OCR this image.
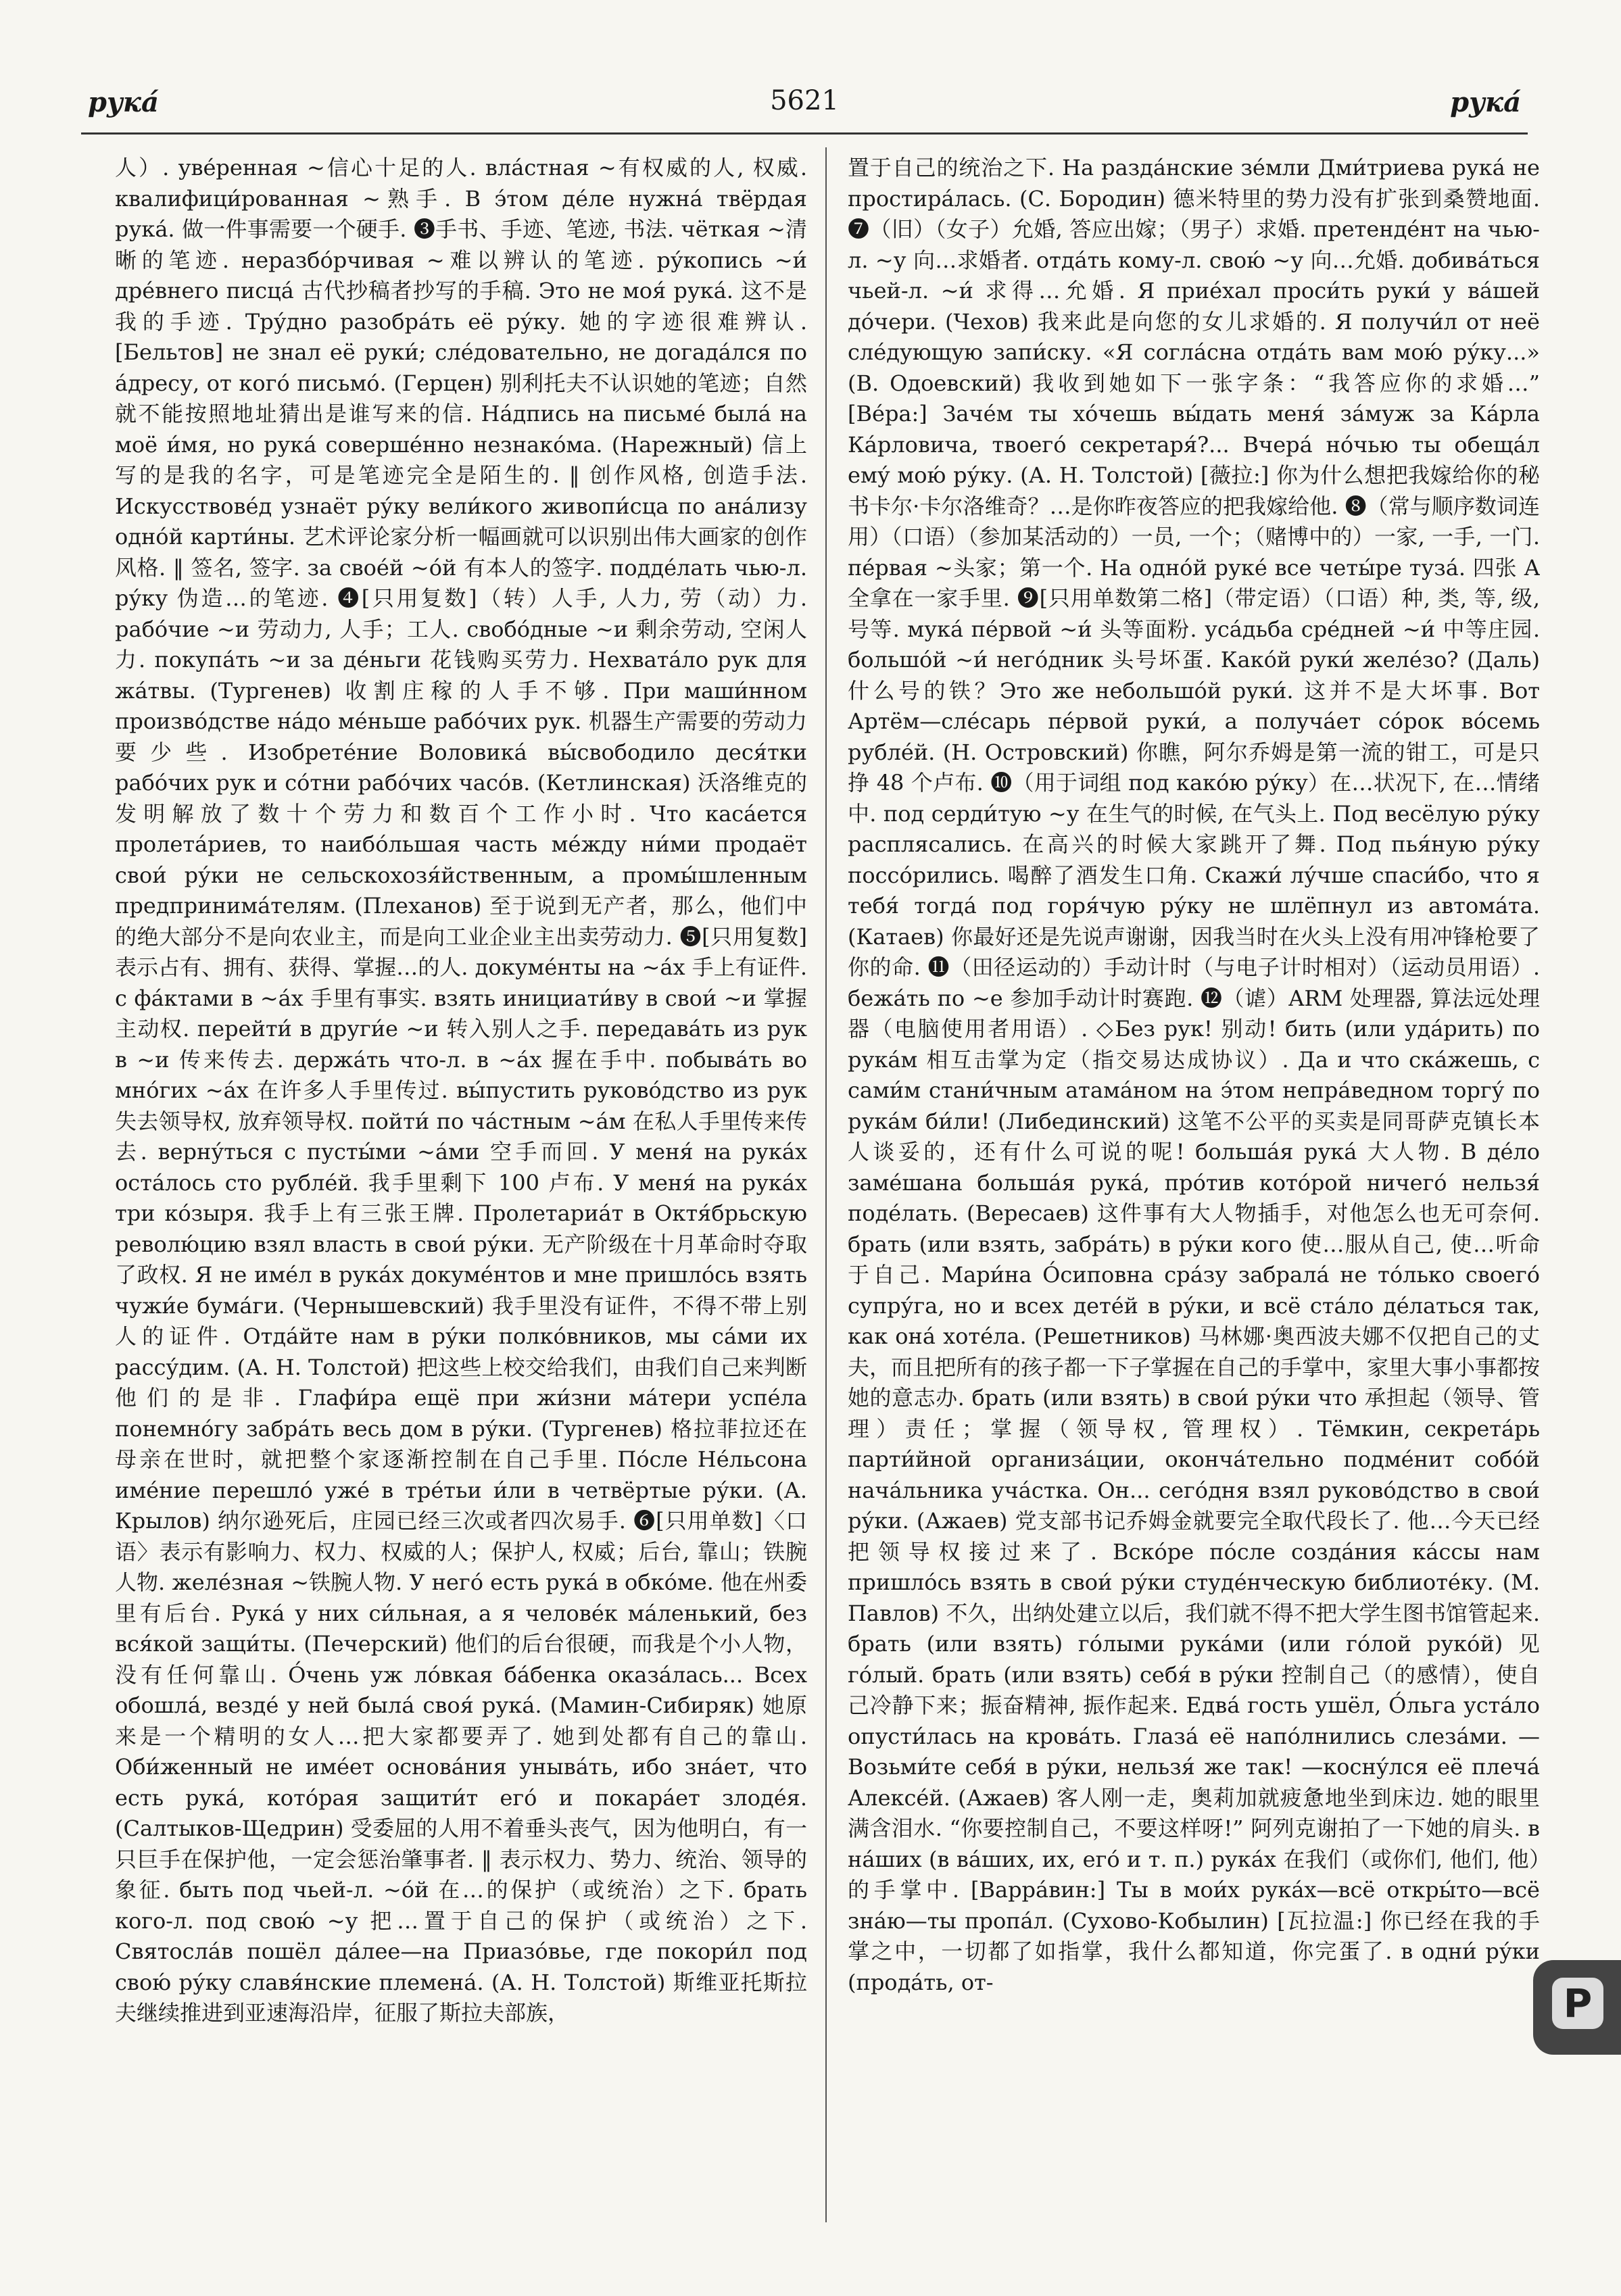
рука́	5621	рука́

人）. уве́ренная ~信心十足的人. вла́стная ~有权威的人, 权威. квалифици́рованная ~熟手. В э́том де́ле нужна́ твёрдая рука́. 做一件事需要一个硬手. ❸手书、手迹、笔迹, 书法. чёткая ~清晰的笔迹. неразбо́рчивая ~难以辨认的笔迹. ру́копись ~и́ дре́внего писца́ 古代抄稿者抄写的手稿. Это не моя́ рука́. 这不是我的手迹. Тру́дно разобра́ть её ру́ку. 她的字迹很难辨认. [Бельтов] не знал её руки́; сле́довательно, не догада́лся по а́дресу, от кого́ письмо́. (Герцен) 别利托夫不认识她的笔迹；自然就不能按照地址猜出是谁写来的信. На́дпись на письме́ была́ на моё и́мя, но рука́ соверше́нно незнако́ма. (Нарежный) 信上写的是我的名字，可是笔迹完全是陌生的. ‖ 创作风格, 创造手法. Искусствове́д узнаёт ру́ку вели́кого живопи́сца по ана́лизу одно́й карти́ны. 艺术评论家分析一幅画就可以识别出伟大画家的创作风格. ‖ 签名, 签字. за свое́й ~о́й 有本人的签字. подде́лать чью-л. ру́ку 伪造…的笔迹. ❹[只用复数]（转）人手, 人力, 劳（动）力. рабо́чие ~и 劳动力, 人手；工人. свобо́дные ~и 剩余劳动, 空闲人力. покупа́ть ~и за де́ньги 花钱购买劳力. Нехвата́ло рук для жа́твы. (Тургенев) 收割庄稼的人手不够. При маши́нном произво́дстве на́до ме́ньше рабо́чих рук. 机器生产需要的劳动力要少些. Изобрете́ние Воловика́ вы́свободило деся́тки рабо́чих рук и со́тни рабо́чих часо́в. (Кетлинская) 沃洛维克的发明解放了数十个劳力和数百个工作小时. Что каса́ется пролета́риев, то наибо́льшая часть ме́жду ни́ми продаёт свои́ ру́ки не сельскохозя́йственным, а промы́шленным предпринима́телям. (Плеханов) 至于说到无产者，那么，他们中的绝大部分不是向农业主，而是向工业企业主出卖劳动力. ❺[只用复数] 表示占有、拥有、获得、掌握…的人. докуме́нты на ~а́х 手上有证件. с фа́ктами в ~а́х 手里有事实. взять инициати́ву в свои́ ~и 掌握主动权. перейти́ в други́е ~и 转入别人之手. передава́ть из рук в ~и 传来传去. держа́ть что-л. в ~а́х 握在手中. побыва́ть во мно́гих ~а́х 在许多人手里传过. вы́пустить руково́дство из рук 失去领导权, 放弃领导权. пойти́ по ча́стным ~а́м 在私人手里传来传去. верну́ться с пусты́ми ~а́ми 空手而回. У меня́ на рука́х оста́лось сто рубле́й. 我手里剩下 100 卢布. У меня́ на рука́х три ко́зыря. 我手上有三张王牌. Пролетариа́т в Октя́брьскую револю́цию взял власть в свои́ ру́ки. 无产阶级在十月革命时夺取了政权. Я не име́л в рука́х докуме́нтов и мне пришло́сь взять чужи́е бума́ги. (Чернышевский) 我手里没有证件，不得不带上别人的证件. Отда́йте нам в ру́ки полко́вников, мы са́ми их рассу́дим. (А. Н. Толстой) 把这些上校交给我们，由我们自己来判断他们的是非. Глафи́ра ещё при жи́зни ма́тери успе́ла понемно́гу забра́ть весь дом в ру́ки. (Тургенев) 格拉菲拉还在母亲在世时，就把整个家逐渐控制在自己手里. По́сле Не́льсона име́ние перешло́ уже́ в тре́тьи и́ли в четвёртые ру́ки. (А. Крылов) 纳尔逊死后，庄园已经三次或者四次易手. ❻[只用单数]〈口语〉表示有影响力、权力、权威的人；保护人, 权威；后台, 靠山；铁腕人物. желе́зная ~铁腕人物. У него́ есть рука́ в обко́ме. 他在州委里有后台. Рука́ у них си́льная, а я челове́к ма́ленький, без вся́кой защи́ты. (Печерский) 他们的后台很硬，而我是个小人物，没有任何靠山. О́чень уж ло́вкая ба́бенка оказа́лась... Всех обошла́, везде́ у ней была́ своя́ рука́. (Мамин-Сибиряк) 她原来是一个精明的女人…把大家都要弄了. 她到处都有自己的靠山. Оби́женный не име́ет основа́ния уныва́ть, ибо зна́ет, что есть рука́, кото́рая защити́т его́ и покара́ет злоде́я. (Салтыков-Щедрин) 受委屈的人用不着垂头丧气，因为他明白，有一只巨手在保护他，一定会惩治肇事者. ‖ 表示权力、势力、统治、领导的象征. быть под чьей-л. ~о́й 在…的保护（或统治）之下. брать кого-л. под свою́ ~у 把…置于自己的保护（或统治）之下. Святосла́в пошёл да́лее—на Приазо́вье, где покори́л под свою́ ру́ку славя́нские племена́. (А. Н. Толстой) 斯维亚托斯拉夫继续推进到亚速海沿岸，征服了斯拉夫部族，

置于自己的统治之下. На разда́нские зе́мли Дми́триева рука́ не простира́лась. (С. Бородин) 德米特里的势力没有扩张到桑赞地面. ❼（旧）（女子）允婚, 答应出嫁；（男子）求婚. претенде́нт на чью-л. ~у 向…求婚者. отда́ть кому-л. свою́ ~у 向…允婚. добива́ться чьей-л. ~и́ 求得…允婚. Я прие́хал проси́ть руки́ у ва́шей до́чери. (Чехов) 我来此是向您的女儿求婚的. Я получи́л от неё сле́дующую запи́ску. «Я согла́сна отда́ть вам мою́ ру́ку...» (В. Одоевский) 我收到她如下一张字条：“我答应你的求婚…” [Ве́ра:] Заче́м ты хо́чешь вы́дать меня́ за́муж за Ка́рла Ка́рловича, твоего́ секретаря́?... Вчера́ но́чью ты обеща́л ему́ мою́ ру́ку. (А. Н. Толстой) [薇拉:] 你为什么想把我嫁给你的秘书卡尔·卡尔洛维奇？…是你昨夜答应的把我嫁给他. ❽（常与顺序数词连用）（口语）（参加某活动的）一员, 一个；（赌博中的）一家, 一手, 一门. пе́рвая ~头家；第一个. На одно́й руке́ все четы́ре туза́. 四张 A 全拿在一家手里. ❾[只用单数第二格]（带定语）（口语）种, 类, 等, 级, 号等. мука́ пе́рвой ~и́ 头等面粉. уса́дьба сре́дней ~и́ 中等庄园. большо́й ~и́ него́дник 头号坏蛋. Како́й руки́ желе́зо? (Даль) 什么号的铁？Это же небольшо́й руки́. 这并不是大坏事. Вот Артём—сле́сарь пе́рвой руки́, а получа́ет со́рок во́семь рубле́й. (Н. Островский) 你瞧，阿尔乔姆是第一流的钳工，可是只挣 48 个卢布. ❿（用于词组 под како́ю ру́ку）在…状况下, 在…情绪中. под серди́тую ~у 在生气的时候, 在气头上. Под весёлую ру́ку расплясались. 在高兴的时候大家跳开了舞. Под пья́ную ру́ку поссо́рились. 喝醉了酒发生口角. Скажи́ лу́чше спаси́бо, что я тебя́ тогда́ под горя́чую ру́ку не шлёпнул из автома́та. (Катаев) 你最好还是先说声谢谢，因我当时在火头上没有用冲锋枪要了你的命. ⓫（田径运动的）手动计时（与电子计时相对）（运动员用语）. бежа́ть по ~е 参加手动计时赛跑. ⓬（谑）ARM 处理器, 算法远处理器（电脑使用者用语）. ◇Без рук! 别动! бить (или уда́рить) по рука́м 相互击掌为定（指交易达成协议）. Да и что ска́жешь, с сами́м стани́чным атама́ном на э́том непра́ведном торгу́ по рука́м би́ли! (Либединский) 这笔不公平的买卖是同哥萨克镇长本人谈妥的，还有什么可说的呢! больша́я рука́ 大人物. В де́ло заме́шана больша́я рука́, про́тив кото́рой ничего́ нельзя́ поде́лать. (Вересаев) 这件事有大人物插手，对他怎么也无可奈何. брать (или взять, забра́ть) в ру́ки кого 使…服从自己, 使…听命于自己. Мари́на О́сиповна сра́зу забрала́ не то́лько своего́ супру́га, но и всех дете́й в ру́ки, и всё ста́ло де́латься так, как она́ хоте́ла. (Решетников) 马林娜·奥西波夫娜不仅把自己的丈夫，而且把所有的孩子都一下子掌握在自己的手掌中，家里大事小事都按她的意志办. брать (или взять) в свои́ ру́ки что 承担起（领导、管理）责任；掌握（领导权, 管理权）. Тёмкин, секрета́рь парти́йной организа́ции, оконча́тельно подме́нит собо́й нача́льника уча́стка. Он... сего́дня взял руково́дство в свои́ ру́ки. (Ажаев) 党支部书记乔姆金就要完全取代段长了. 他…今天已经把领导权接过来了. Вско́ре по́сле созда́ния ка́ссы нам пришло́сь взять в свои́ ру́ки студе́нческую библиоте́ку. (М. Павлов) 不久，出纳处建立以后，我们就不得不把大学生图书馆管起来. брать (или взять) го́лыми рука́ми (или го́лой руко́й) 见 го́лый. брать (или взять) себя́ в ру́ки 控制自己（的感情），使自己冷静下来；振奋精神, 振作起来. Едва́ гость ушёл, О́льга уста́ло опусти́лась на крова́ть. Глаза́ её напо́лнились слеза́ми. —Возьми́те себя́ в ру́ки, нельзя́ же так! —косну́лся её плеча́ Алексе́й. (Ажаев) 客人刚一走，奥莉加就疲惫地坐到床边. 她的眼里满含泪水. “你要控制自己，不要这样呀!” 阿列克谢拍了一下她的肩头. в на́ших (в ва́ших, их, его́ и т. п.) рука́х 在我们（或你们, 他们, 他）的手掌中. [Варра́вин:] Ты в мои́х рука́х—всё откры́то—всё зна́ю—ты пропа́л. (Сухово-Кобылин) [瓦拉温:] 你已经在我的手掌之中，一切都了如指掌，我什么都知道，你完蛋了. в одни́ ру́ки (прода́ть, от-	Р
